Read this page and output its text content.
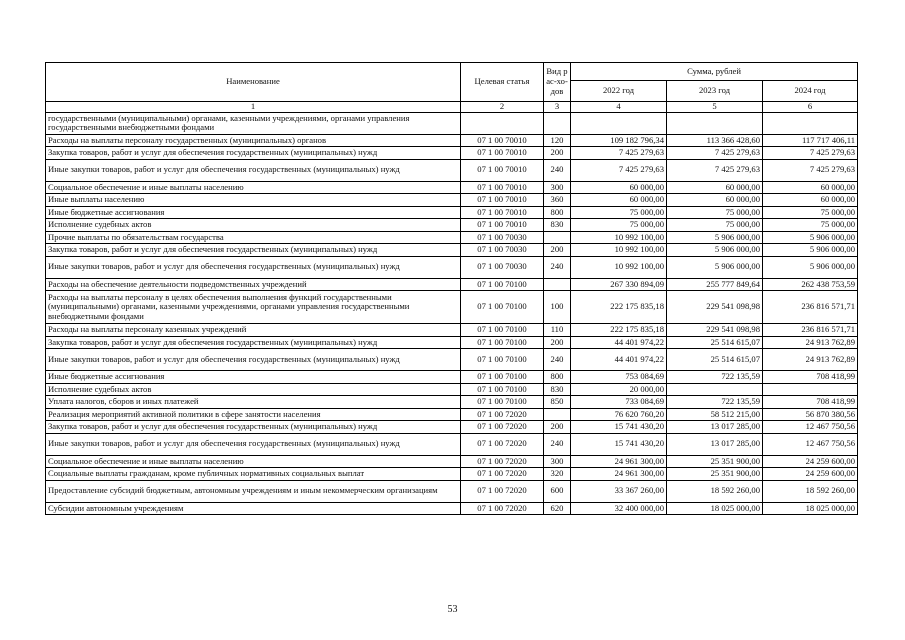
Наименование	Целевая статья	Вид рас-хо-дов	Сумма, рублей		
			2022 год	2023 год	2024 год
1	2	3	4	5	6
государственными (муниципальными) органами, казенными учреждениями, органами управления государственными внебюджетными фондами					
Расходы на выплаты персоналу государственных (муниципальных) органов	07 1 00 70010	120	109 182 796,34	113 366 428,60	117 717 406,11
Закупка товаров, работ и услуг для обеспечения государственных (муниципальных) нужд	07 1 00 70010	200	7 425 279,63	7 425 279,63	7 425 279,63
Иные закупки товаров, работ и услуг для обеспечения государственных (муниципальных) нужд	07 1 00 70010	240	7 425 279,63	7 425 279,63	7 425 279,63
Социальное обеспечение и иные выплаты населению	07 1 00 70010	300	60 000,00	60 000,00	60 000,00
Иные выплаты населению	07 1 00 70010	360	60 000,00	60 000,00	60 000,00
Иные бюджетные ассигнования	07 1 00 70010	800	75 000,00	75 000,00	75 000,00
Исполнение судебных актов	07 1 00 70010	830	75 000,00	75 000,00	75 000,00
Прочие выплаты по обязательствам государства	07 1 00 70030		10 992 100,00	5 906 000,00	5 906 000,00
Закупка товаров, работ и услуг для обеспечения государственных (муниципальных) нужд	07 1 00 70030	200	10 992 100,00	5 906 000,00	5 906 000,00
Иные закупки товаров, работ и услуг для обеспечения государственных (муниципальных) нужд	07 1 00 70030	240	10 992 100,00	5 906 000,00	5 906 000,00
Расходы на обеспечение деятельности подведомственных учреждений	07 1 00 70100		267 330 894,09	255 777 849,64	262 438 753,59
Расходы на выплаты персоналу в целях обеспечения выполнения функций государственными (муниципальными) органами, казенными учреждениями, органами управления государственными внебюджетными фондами	07 1 00 70100	100	222 175 835,18	229 541 098,98	236 816 571,71
Расходы на выплаты персоналу казенных учреждений	07 1 00 70100	110	222 175 835,18	229 541 098,98	236 816 571,71
Закупка товаров, работ и услуг для обеспечения государственных (муниципальных) нужд	07 1 00 70100	200	44 401 974,22	25 514 615,07	24 913 762,89
Иные закупки товаров, работ и услуг для обеспечения государственных (муниципальных) нужд	07 1 00 70100	240	44 401 974,22	25 514 615,07	24 913 762,89
Иные бюджетные ассигнования	07 1 00 70100	800	753 084,69	722 135,59	708 418,99
Исполнение судебных актов	07 1 00 70100	830	20 000,00		
Уплата налогов, сборов и иных платежей	07 1 00 70100	850	733 084,69	722 135,59	708 418,99
Реализация мероприятий активной политики в сфере занятости населения	07 1 00 72020		76 620 760,20	58 512 215,00	56 870 380,56
Закупка товаров, работ и услуг для обеспечения государственных (муниципальных) нужд	07 1 00 72020	200	15 741 430,20	13 017 285,00	12 467 750,56
Иные закупки товаров, работ и услуг для обеспечения государственных (муниципальных) нужд	07 1 00 72020	240	15 741 430,20	13 017 285,00	12 467 750,56
Социальное обеспечение и иные выплаты населению	07 1 00 72020	300	24 961 300,00	25 351 900,00	24 259 600,00
Социальные выплаты гражданам, кроме публичных нормативных социальных выплат	07 1 00 72020	320	24 961 300,00	25 351 900,00	24 259 600,00
Предоставление субсидий бюджетным, автономным учреждениям и иным некоммерческим организациям	07 1 00 72020	600	33 367 260,00	18 592 260,00	18 592 260,00
Субсидии автономным учреждениям	07 1 00 72020	620	32 400 000,00	18 025 000,00	18 025 000,00
53
